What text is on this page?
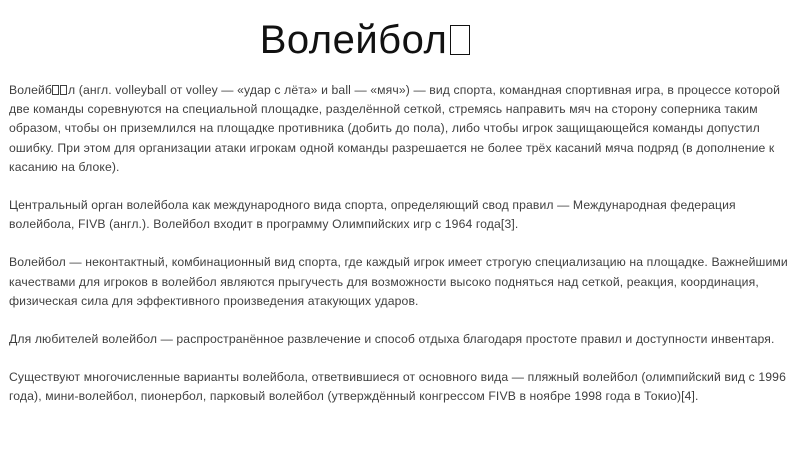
Волейбол

Волейб л (англ. volleyball от volley — «удар с лёта» и ball — «мяч») — вид спорта, командная спортивная игра, в процессе которой две команды соревнуются на специальной площадке, разделённой сеткой, стремясь направить мяч на сторону соперника таким образом, чтобы он приземлился на площадке противника (добить до пола), либо чтобы игрок защищающейся команды допустил ошибку. При этом для организации атаки игрокам одной команды разрешается не более трёх касаний мяча подряд (в дополнение к касанию на блоке).

Центральный орган волейбола как международного вида спорта, определяющий свод правил — Международная федерация волейбола, FIVB (англ.). Волейбол входит в программу Олимпийских игр с 1964 года[3].

Волейбол — неконтактный, комбинационный вид спорта, где каждый игрок имеет строгую специализацию на площадке. Важнейшими качествами для игроков в волейбол являются прыгучесть для возможности высоко подняться над сеткой, реакция, координация, физическая сила для эффективного произведения атакующих ударов.

Для любителей волейбол — распространённое развлечение и способ отдыха благодаря простоте правил и доступности инвентаря.

Существуют многочисленные варианты волейбола, ответвившиеся от основного вида — пляжный волейбол (олимпийский вид с 1996 года), мини-волейбол, пионербол, парковый волейбол (утверждённый конгрессом FIVB в ноябре 1998 года в Токио)[4].
